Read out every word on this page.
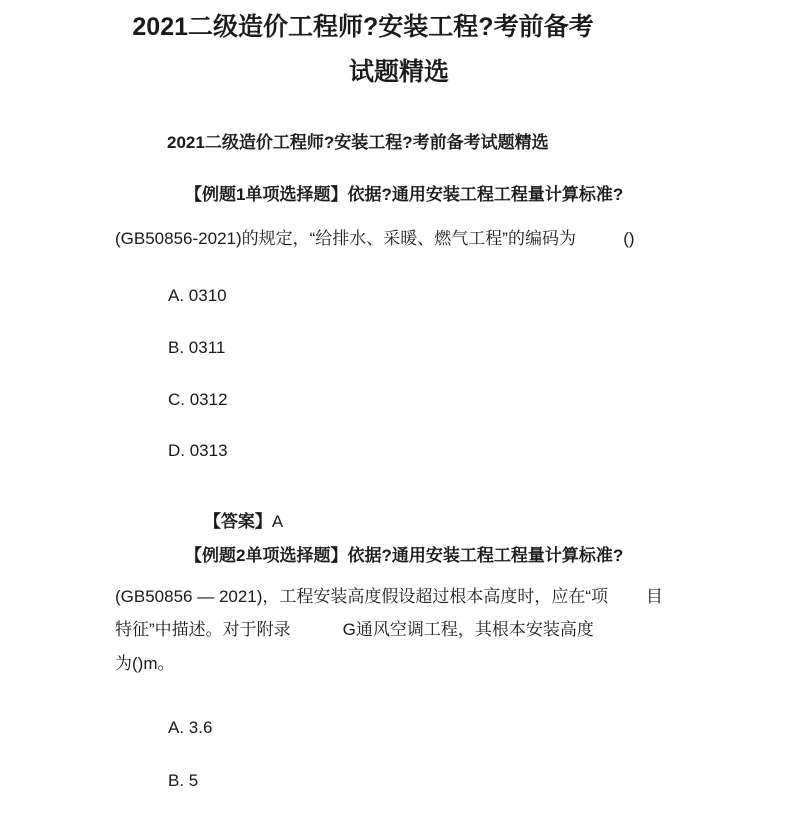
2021二级造价工程师?安装工程?考前备考
试题精选
2021二级造价工程师?安装工程?考前备考试题精选
【例题1单项选择题】依据?通用安装工程工程量计算标准?
(GB50856-2021)的规定，“给排水、采暖、燃气工程”的编码为          ()
A. 0310
B. 0311
C. 0312
D. 0313

【答案】A

【例题2单项选择题】依据?通用安装工程工程量计算标准?
(GB50856 — 2021)，工程安装高度假设超过根本高度时，应在“项        目
特征”中描述。对于附录           G通风空调工程，其根本安装高度
为()m。
A. 3.6
B. 5
